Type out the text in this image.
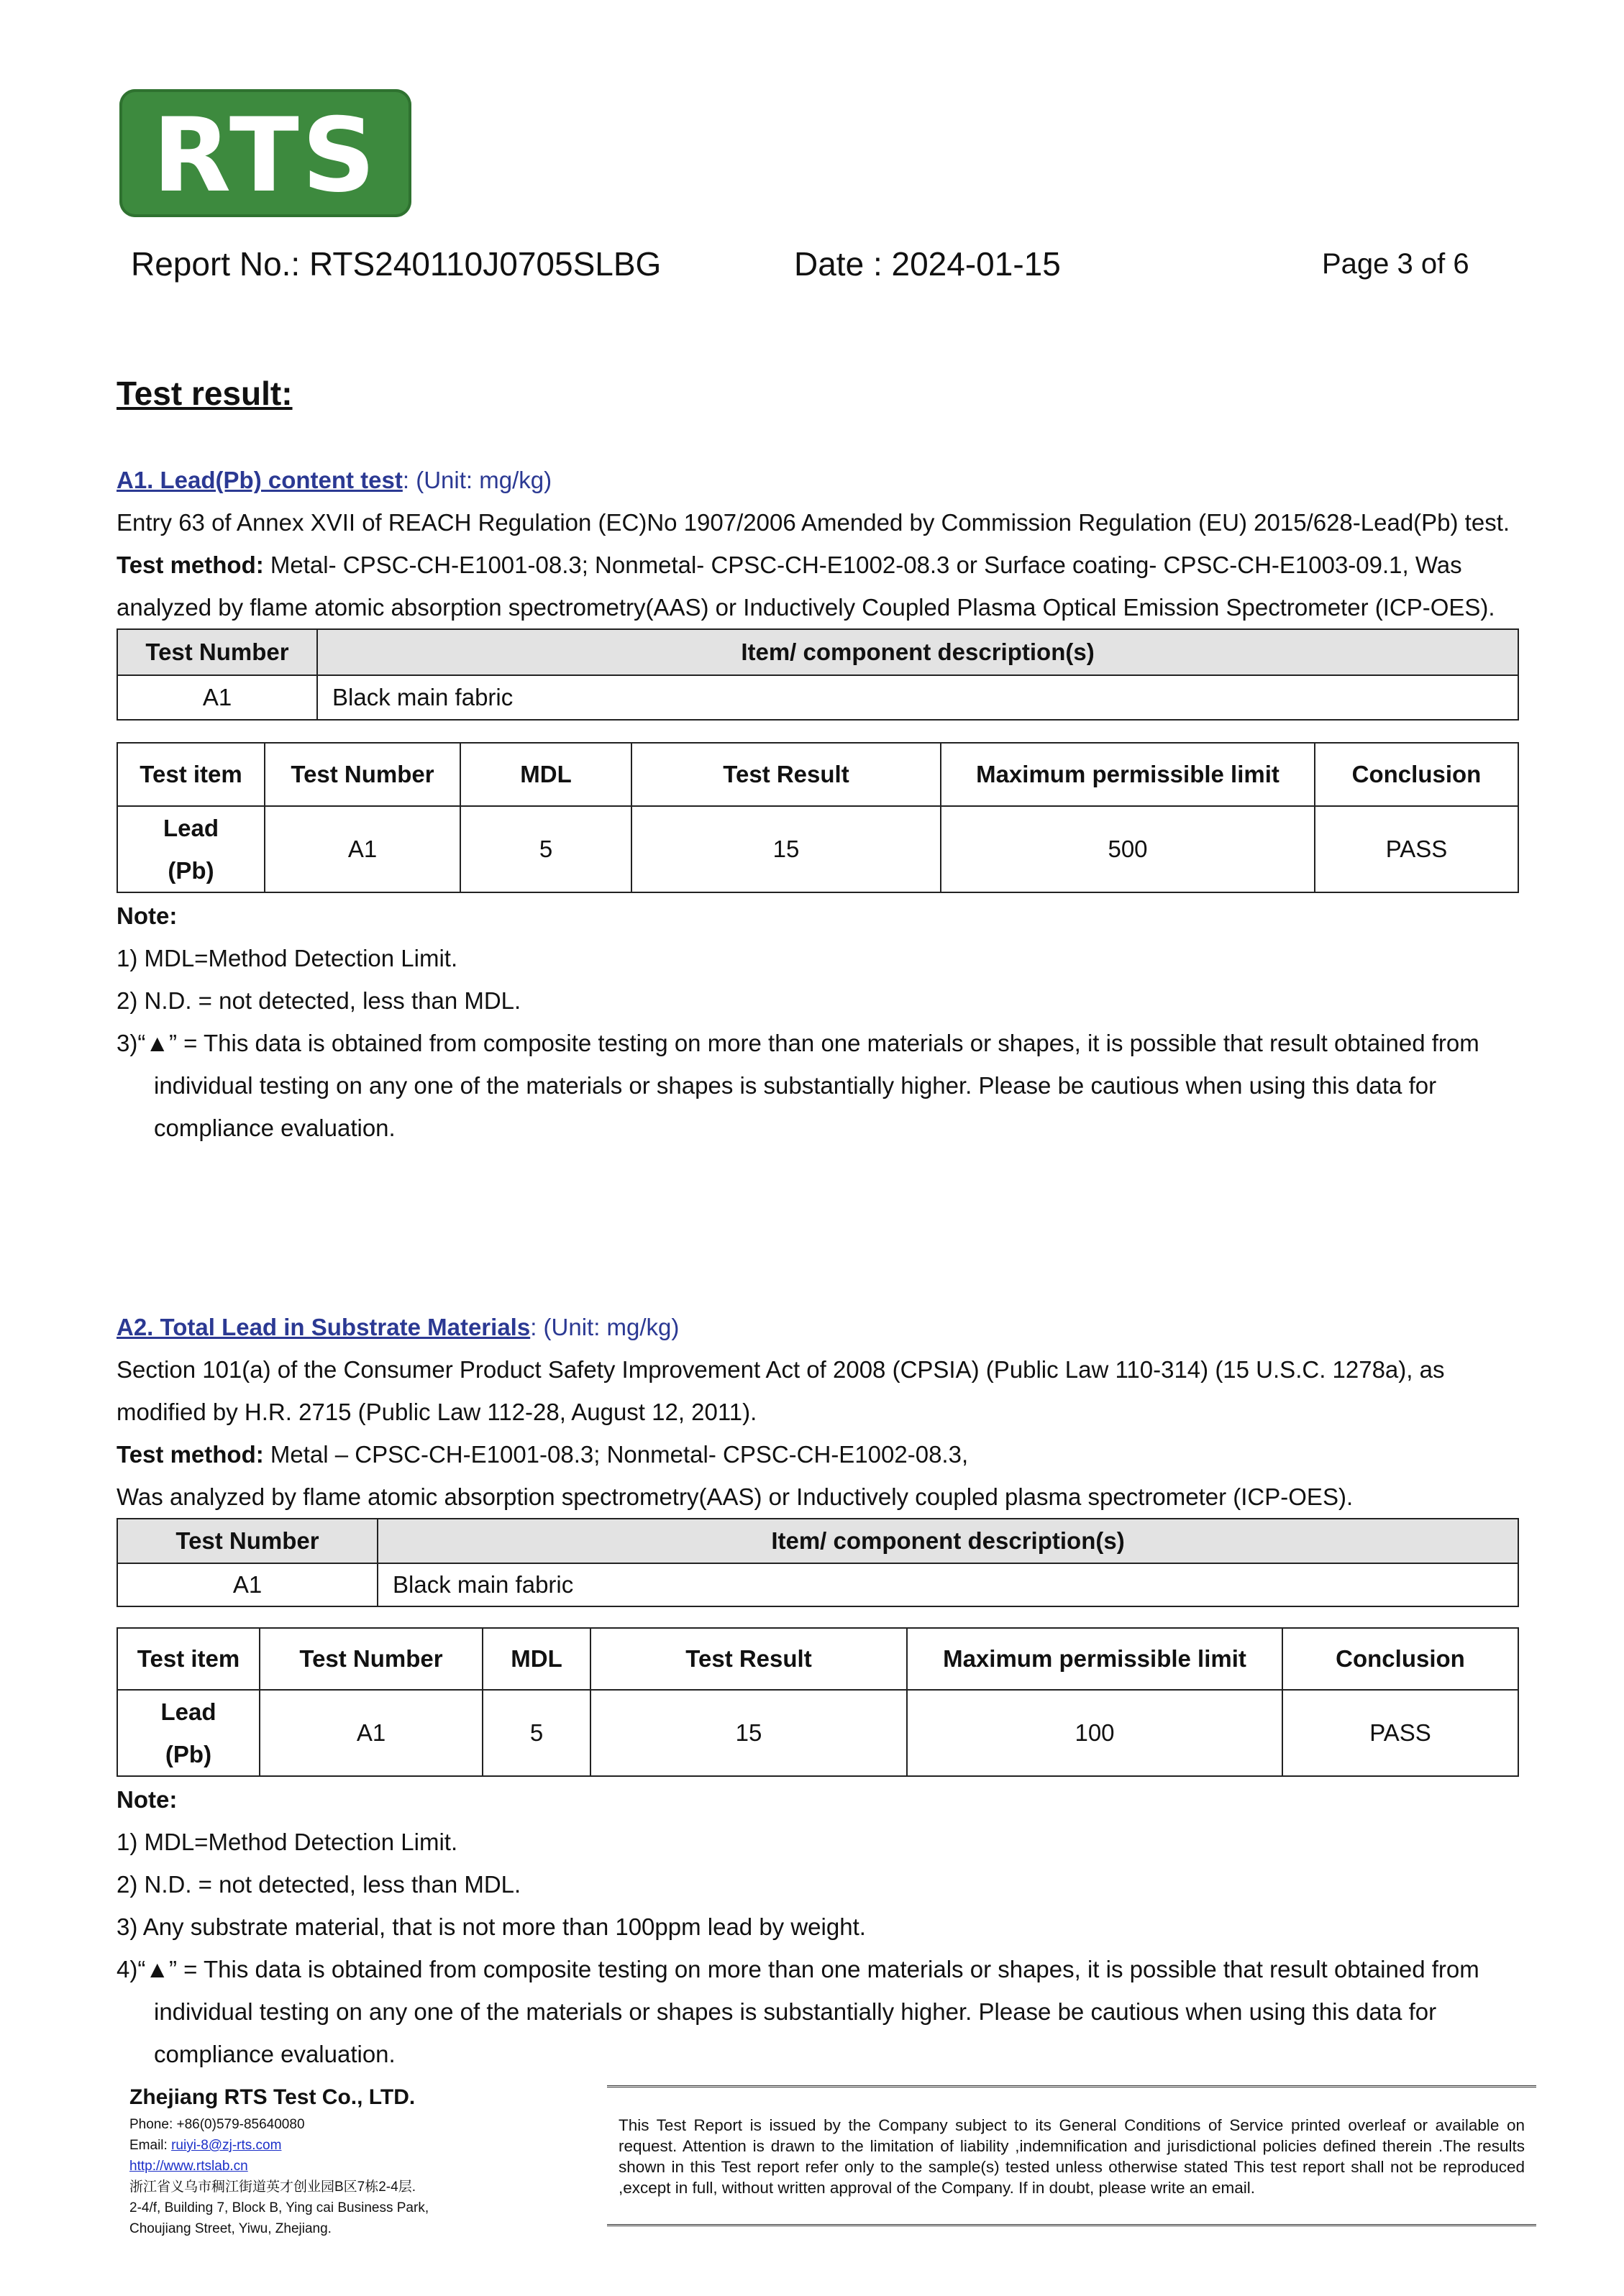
RTS
Report No.: RTS240110J0705SLBG	Date : 2024-01-15	Page 3 of 6
Test result:
A1. Lead(Pb) content test: (Unit: mg/kg)
Entry 63 of Annex XVII of REACH Regulation (EC)No 1907/2006 Amended by Commission Regulation (EU) 2015/628-Lead(Pb) test.
Test method: Metal- CPSC-CH-E1001-08.3; Nonmetal- CPSC-CH-E1002-08.3 or Surface coating- CPSC-CH-E1003-09.1, Was analyzed by flame atomic absorption spectrometry(AAS) or Inductively Coupled Plasma Optical Emission Spectrometer (ICP-OES).
Test Number	Item/ component description(s)
A1	Black main fabric
Test item	Test Number	MDL	Test Result	Maximum permissible limit	Conclusion

Lead
(Pb)	A1	5	15	500	PASS
Note:
1) MDL=Method Detection Limit.
2) N.D. = not detected, less than MDL.
3)“▲” = This data is obtained from composite testing on more than one materials or shapes, it is possible that result obtained from individual testing on any one of the materials or shapes is substantially higher. Please be cautious when using this data for compliance evaluation.
A2. Total Lead in Substrate Materials: (Unit: mg/kg)
Section 101(a) of the Consumer Product Safety Improvement Act of 2008 (CPSIA) (Public Law 110-314) (15 U.S.C. 1278a), as modified by H.R. 2715 (Public Law 112-28, August 12, 2011).
Test method: Metal – CPSC-CH-E1001-08.3; Nonmetal- CPSC-CH-E1002-08.3,
Was analyzed by flame atomic absorption spectrometry(AAS) or Inductively coupled plasma spectrometer (ICP-OES).
Test Number	Item/ component description(s)
A1	Black main fabric
Test item	Test Number	MDL	Test Result	Maximum permissible limit	Conclusion

Lead
(Pb)	A1	5	15	100	PASS
Note:
1) MDL=Method Detection Limit.
2) N.D. = not detected, less than MDL.
3) Any substrate material, that is not more than 100ppm lead by weight.
4)“▲” = This data is obtained from composite testing on more than one materials or shapes, it is possible that result obtained from individual testing on any one of the materials or shapes is substantially higher. Please be cautious when using this data for compliance evaluation.
Zhejiang RTS Test Co., LTD.
Phone: +86(0)579-85640080
Email: ruiyi-8@zj-rts.com
http://www.rtslab.cn
浙江省义乌市稠江街道英才创业园B区7栋2-4层.
2-4/f, Building 7, Block B, Ying cai Business Park,
Choujiang Street, Yiwu, Zhejiang.
This Test Report is issued by the Company subject to its General Conditions of Service printed overleaf or available on request. Attention is drawn to the limitation of liability ,indemnification and jurisdictional policies defined therein .The results shown in this Test report refer only to the sample(s) tested unless otherwise stated This test report shall not be reproduced ,except in full, without written approval of the Company. If in doubt, please write an email.
